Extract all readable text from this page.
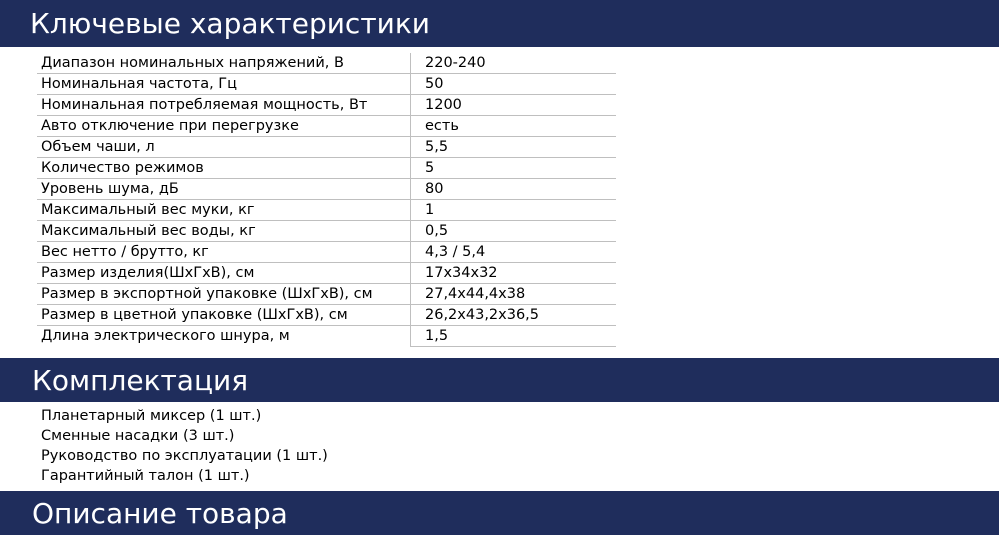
Ключевые характеристики
Диапазон номинальных напряжений, В	220-240
Номинальная частота, Гц	50
Номинальная потребляемая мощность, Вт	1200
Авто отключение при перегрузке	есть
Объем чаши, л	5,5
Количество режимов	5
Уровень шума, дБ	80
Максимальный вес муки, кг	1
Максимальный вес воды, кг	0,5
Вес нетто / брутто, кг	4,3 / 5,4
Размер изделия(ШхГхВ), см	17x34x32
Размер в экспортной упаковке (ШхГхВ), см	27,4x44,4x38
Размер в цветной упаковке (ШхГхВ), см	26,2x43,2x36,5
Длина электрического шнура, м	1,5
Комплектация
Планетарный миксер (1 шт.)
Сменные насадки (3 шт.)
Руководство по эксплуатации (1 шт.)
Гарантийный талон (1 шт.)
Описание товара
